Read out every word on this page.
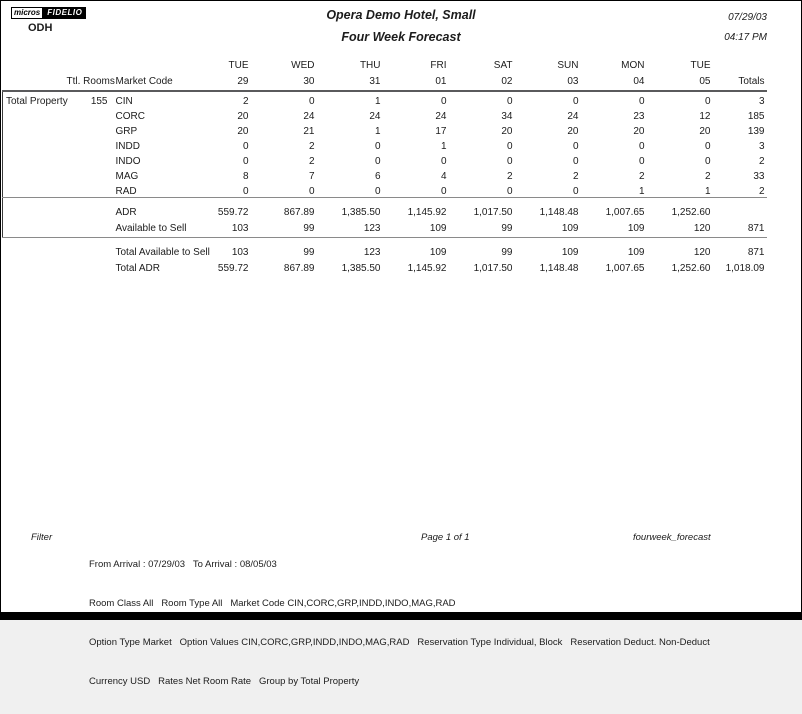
micros FIDELIO
ODH
Opera Demo Hotel, Small
Four Week Forecast
07/29/03
04:17 PM
			TUE	WED	THU	FRI	SAT	SUN	MON	TUE	
	Ttl. Rooms	Market Code	29	30	31	01	02	03	04	05	Totals
Total Property	155	CIN	2	0	1	0	0	0	0	0	3
		CORC	20	24	24	24	34	24	23	12	185
		GRP	20	21	1	17	20	20	20	20	139
		INDD	0	2	0	1	0	0	0	0	3
		INDO	0	2	0	0	0	0	0	0	2
		MAG	8	7	6	4	2	2	2	2	33
		RAD	0	0	0	0	0	0	1	1	2
		ADR	559.72	867.89	1,385.50	1,145.92	1,017.50	1,148.48	1,007.65	1,252.60	
		Available to Sell	103	99	123	109	99	109	109	120	871
		Total Available to Sell	103	99	123	109	99	109	109	120	871
		Total ADR	559.72	867.89	1,385.50	1,145.92	1,017.50	1,148.48	1,007.65	1,252.60	1,018.09
Filter

From Arrival : 07/29/03   To Arrival : 08/05/03

Room Class All   Room Type All   Market Code CIN,CORC,GRP,INDD,INDO,MAG,RAD

Option Type Market   Option Values CIN,CORC,GRP,INDD,INDO,MAG,RAD   Reservation Type Individual, Block   Reservation Deduct. Non-Deduct

Currency USD   Rates Net Room Rate   Group by Total Property

Page 1 of 1	fourweek_forecast
